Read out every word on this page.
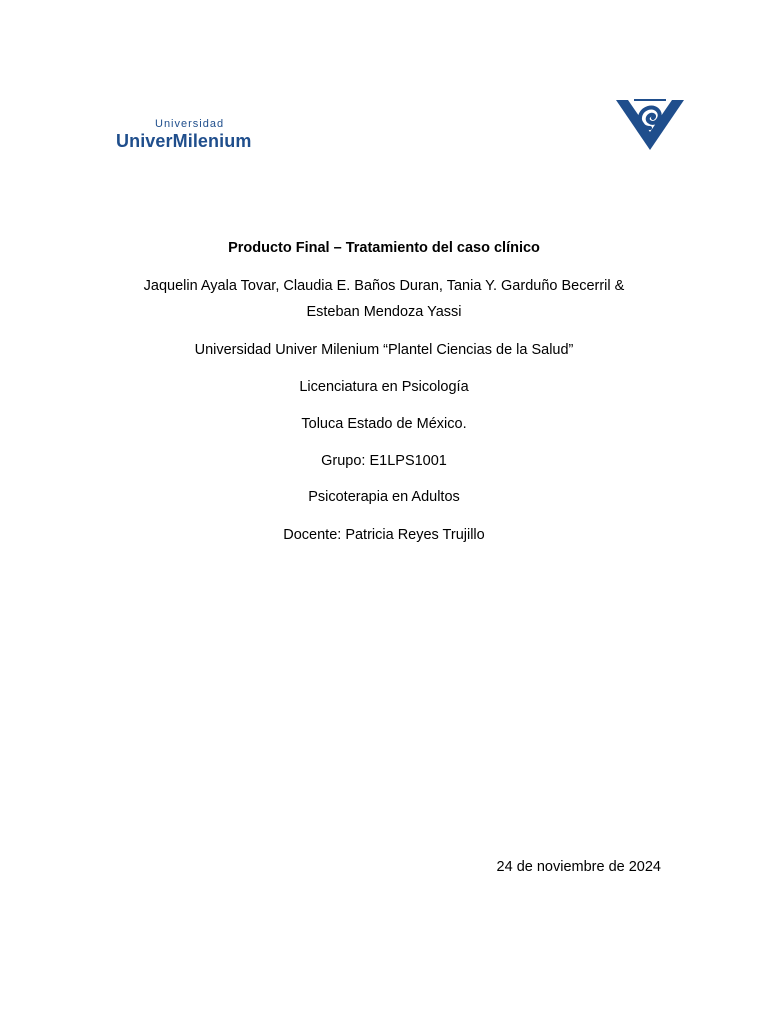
Universidad
UniverMilenium
Producto Final – Tratamiento del caso clínico
Jaquelin Ayala Tovar, Claudia E. Baños Duran, Tania Y. Garduño Becerril &
Esteban Mendoza Yassi
Universidad Univer Milenium “Plantel Ciencias de la Salud”
Licenciatura en Psicología
Toluca Estado de México.
Grupo: E1LPS1001
Psicoterapia en Adultos
Docente: Patricia Reyes Trujillo
24 de noviembre de 2024
